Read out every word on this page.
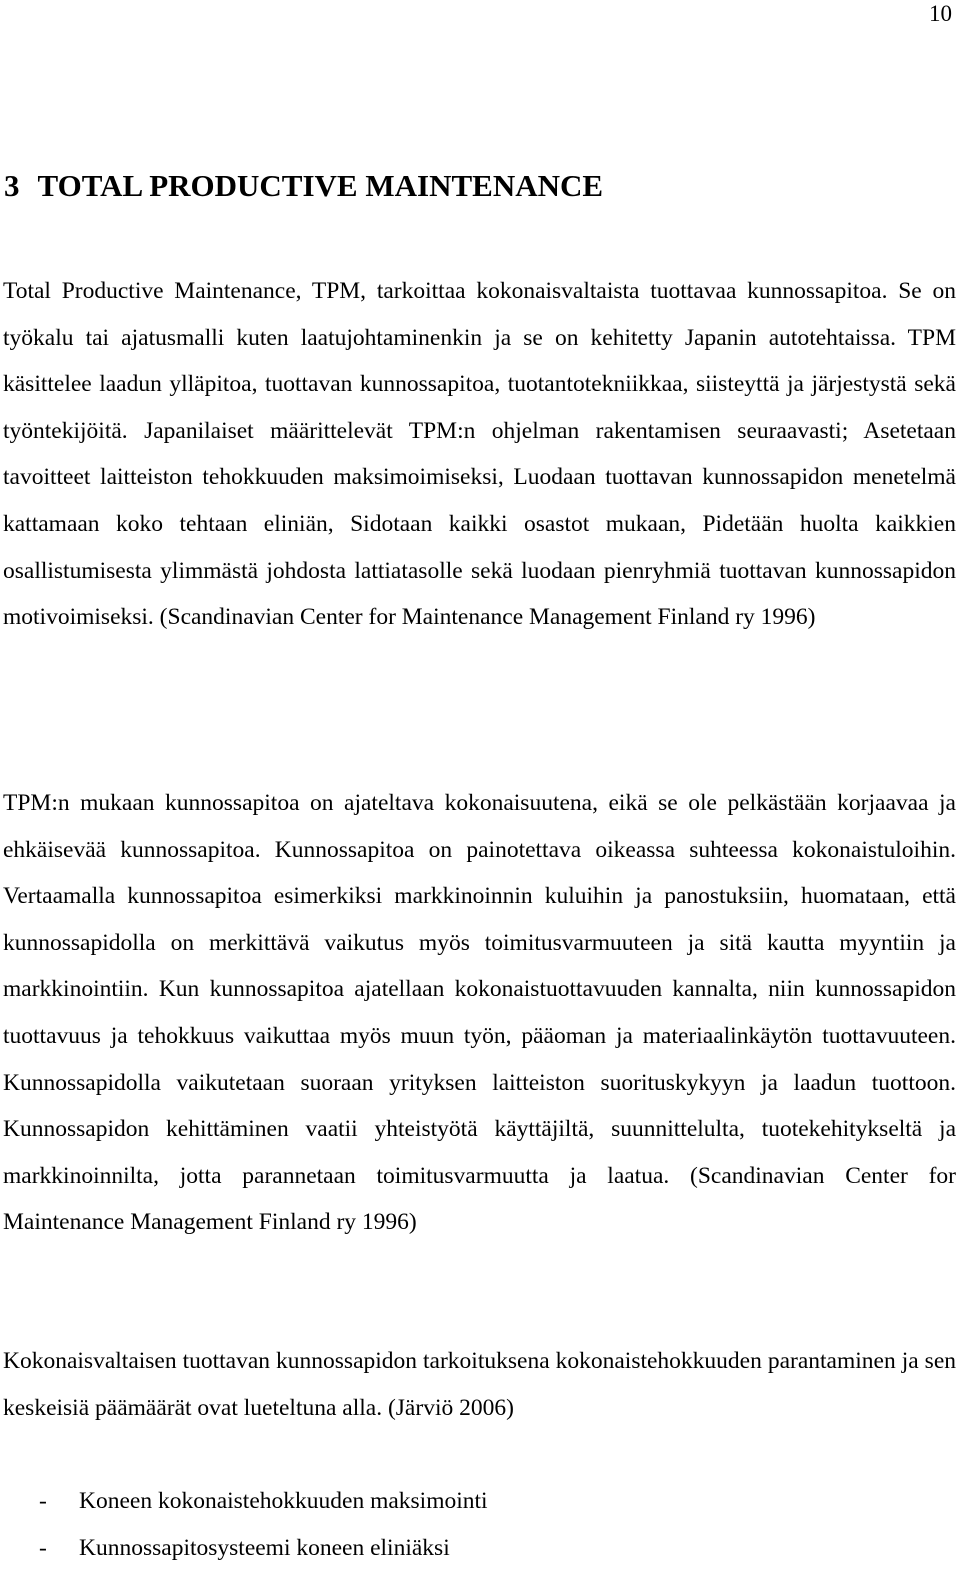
10
3 TOTAL PRODUCTIVE MAINTENANCE

Total Productive Maintenance, TPM, tarkoittaa kokonaisvaltaista tuottavaa kunnossapitoa. Se on työkalu tai ajatusmalli kuten laatujohtaminenkin ja se on kehitetty Japanin autotehtaissa. TPM käsittelee laadun ylläpitoa, tuottavan kunnossapitoa, tuotantotekniikkaa, siisteyttä ja järjestystä sekä työntekijöitä. Japanilaiset määrittelevät TPM:n ohjelman rakentamisen seuraavasti; Asetetaan tavoitteet laitteiston tehokkuuden maksimoimiseksi, Luodaan tuottavan kunnossapidon menetelmä kattamaan koko tehtaan eliniän, Sidotaan kaikki osastot mukaan, Pidetään huolta kaikkien osallistumisesta ylimmästä johdosta lattiatasolle sekä luodaan pienryhmiä tuottavan kunnossapidon motivoimiseksi. (Scandinavian Center for Maintenance Management Finland ry 1996)

TPM:n mukaan kunnossapitoa on ajateltava kokonaisuutena, eikä se ole pelkästään korjaavaa ja ehkäisevää kunnossapitoa. Kunnossapitoa on painotettava oikeassa suhteessa kokonaistuloihin. Vertaamalla kunnossapitoa esimerkiksi markkinoinnin kuluihin ja panostuksiin, huomataan, että kunnossapidolla on merkittävä vaikutus myös toimitusvarmuuteen ja sitä kautta myyntiin ja markkinointiin. Kun kunnossapitoa ajatellaan kokonaistuottavuuden kannalta, niin kunnossapidon tuottavuus ja tehokkuus vaikuttaa myös muun työn, pääoman ja materiaalinkäytön tuottavuuteen. Kunnossapidolla vaikutetaan suoraan yrityksen laitteiston suorituskykyyn ja laadun tuottoon. Kunnossapidon kehittäminen vaatii yhteistyötä käyttäjiltä, suunnittelulta, tuotekehitykseltä ja markkinoinnilta, jotta parannetaan toimitusvarmuutta ja laatua. (Scandinavian Center for Maintenance Management Finland ry 1996)

Kokonaisvaltaisen tuottavan kunnossapidon tarkoituksena kokonaistehokkuuden parantaminen ja sen keskeisiä päämäärät ovat lueteltuna alla. (Järviö 2006)

- Koneen kokonaistehokkuuden maksimointi
- Kunnossapitosysteemi koneen eliniäksi
